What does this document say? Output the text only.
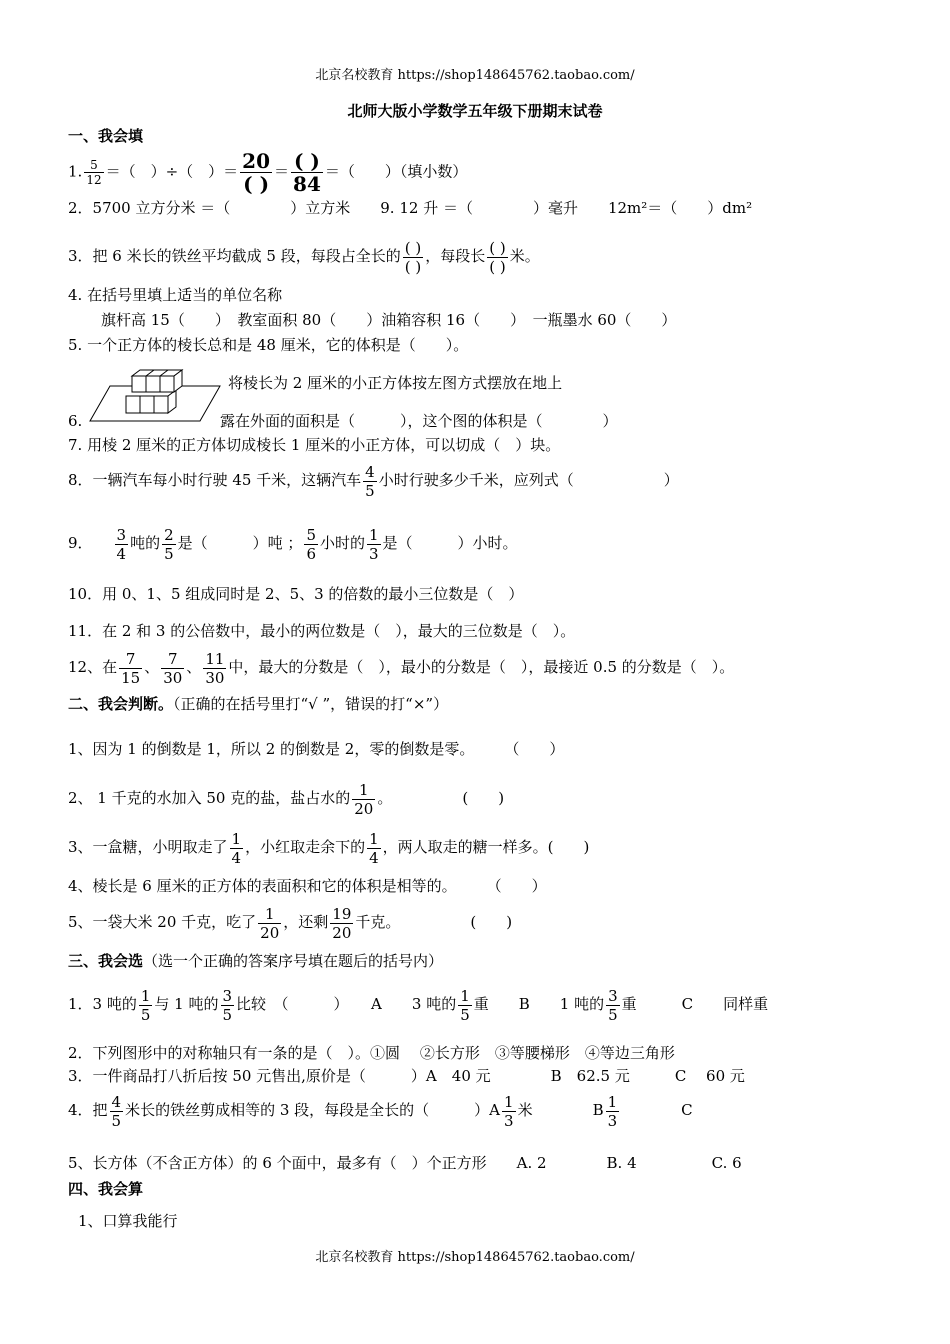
北京名校教育 https://shop148645762.taobao.com/
北师大版小学数学五年级下册期末试卷
一、我会填
1. $\frac{5}{12}$ ＝（　）÷（　）＝ 20
( )
＝ ( )
84
＝（　　）（填小数）
2．5700 立方分米 ＝（　　　　）立方米　　9. 12 升 ＝（　　　　）毫升　　12m²＝（　　）dm²
3．把 6 米长的铁丝平均截成 5 段，每段占全长的 ( )
( )
，每段长 ( )
( )
米。
4. 在括号里填上适当的单位名称
旗杆高 15（　　）　教室面积 80（　　）油箱容积 16（　　）　一瓶墨水 60（　　）
5. 一个正方体的棱长总和是 48 厘米，它的体积是（　　）。
将棱长为 2 厘米的小正方体按左图方式摆放在地上
6.	露在外面的面积是（　　　），这个图的体积是（　　　　）
7. 用棱 2 厘米的正方体切成棱长 1 厘米的小正方体，可以切成（　）块。
8．一辆汽车每小时行驶 45 千米，这辆汽车 $\frac{4}{5}$ 小时行驶多少千米，应列式（　　　　　　）
9． $\frac{3}{4}$ 吨的 $\frac{2}{5}$ 是（　　　）吨 ； $\frac{5}{6}$ 小时的 $\frac{1}{3}$ 是（　　　）小时。
10．用 0、1、5 组成同时是 2、5、3 的倍数的最小三位数是（　）
11．在 2 和 3 的公倍数中，最小的两位数是（　），最大的三位数是（　）。
12、在 $\frac{7}{15}$ 、 $\frac{7}{30}$ 、 $\frac{11}{30}$ 中，最大的分数是（　），最小的分数是（　），最接近 0.5 的分数是（　）。
二、我会判断。（正确的在括号里打“√ ”，错误的打“×”）
1、因为 1 的倒数是 1，所以 2 的倒数是 2，零的倒数是零。　　　（　　）
2、 1 千克的水加入 50 克的盐，盐占水的 $\frac{1}{20}$ 。	(　　)
3、一盒糖，小明取走了 $\frac{1}{4}$ ，小红取走余下的 $\frac{1}{4}$ ，两人取走的糖一样多。(　　)
4、棱长是 6 厘米的正方体的表面积和它的体积是相等的。　　　（　　）
5、一袋大米 20 千克，吃了 $\frac{1}{20}$ ，还剩 $\frac{19}{20}$ 千克。	(　　)
三、我会选（选一个正确的答案序号填在题后的括号内）
1．3 吨的 $\frac{1}{5}$ 与 1 吨的 $\frac{3}{5}$ 比较　（　　　）　　A　　3 吨的 $\frac{1}{5}$ 重　　B　　1 吨的 $\frac{3}{5}$ 重　　　C　　同样重
2．下列图形中的对称轴只有一条的是（　）。①圆　 ②长方形　③等腰梯形　④等边三角形
3．一件商品打八折后按 50 元售出,原价是（　　　）A　40 元　　　　B　62.5 元　　　C　 60 元
4．把 $\frac{4}{5}$ 米长的铁丝剪成相等的 3 段，每段是全长的（　　　）$A \frac{1}{3}$ 米　　　　B $\frac{1}{3}$ 　　　　C
5、长方体（不含正方体）的 6 个面中，最多有（　）个正方形　　A. 2　　　　B. 4　　　　　C. 6
四、我会算
1、口算我能行
北京名校教育 https://shop148645762.taobao.com/
